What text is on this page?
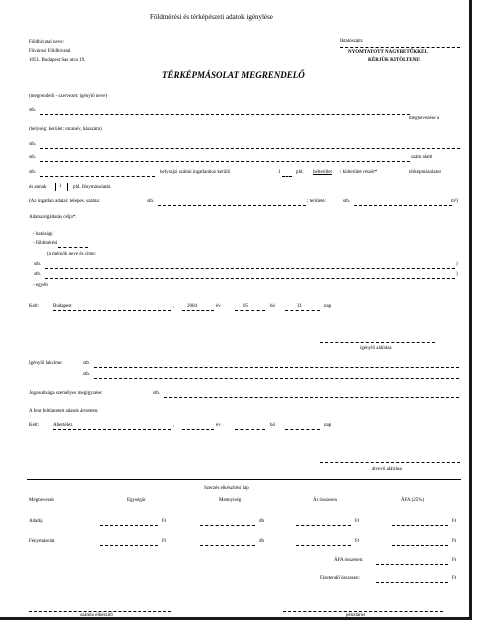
Földmérési és térképészeti adatok igénylése
Földhivatal neve:
Fővárosi Földhivatal
1051. Budapest Sas utca 19.
Iktatószám:
NYOMTATOTT NAGYBETŰKKEL
KÉRJÜK KITÖLTENI!
TÉRKÉPMÁSOLAT MEGRENDELŐ
(megrendelő - szervezet: igénylő neve)
stb.
megnevezése a
(helység: kerület: utcanév, házszám)
stb.
stb.	szám alatti
stb.	helyrajzi számú ingatlanhoz kerülő	1	pld. belterület / külterület részét*	térképmásolatot
és annak	1 pld. fénymásolatát.
(Az ingatlan adatai: telepes. száma:	stb.	; területe:	stb.	m²)
Adatszolgáltatás célja*:
- hatósági
- földmérési
(a mérnök neve és címe:
stb.	)
stb.	)
- egyéb
Kelt:	Budapest	,	2004	év	05	hó	31	nap
igénylő aláírása
Igénylő lakcíme:	stb.
stb.
Jogosultsága személyes megigyzése:	stb.
A fent feltüntetett adatok átvettem:
Kelt:	Abertélez	,	év	hó	nap
átvevő aláírása
Szerzés elkészítési lap
Megnevezés	Egységár	Mennyiség	Ár összesen	ÁFA (25%)
Adatkj	Ft	db	Ft	Ft
Fénymásolat	Ft	db	Ft	Ft
ÁFA összesen:	Ft
Fizetendő összesen:	Ft
számla elkészítő	pénztáros
